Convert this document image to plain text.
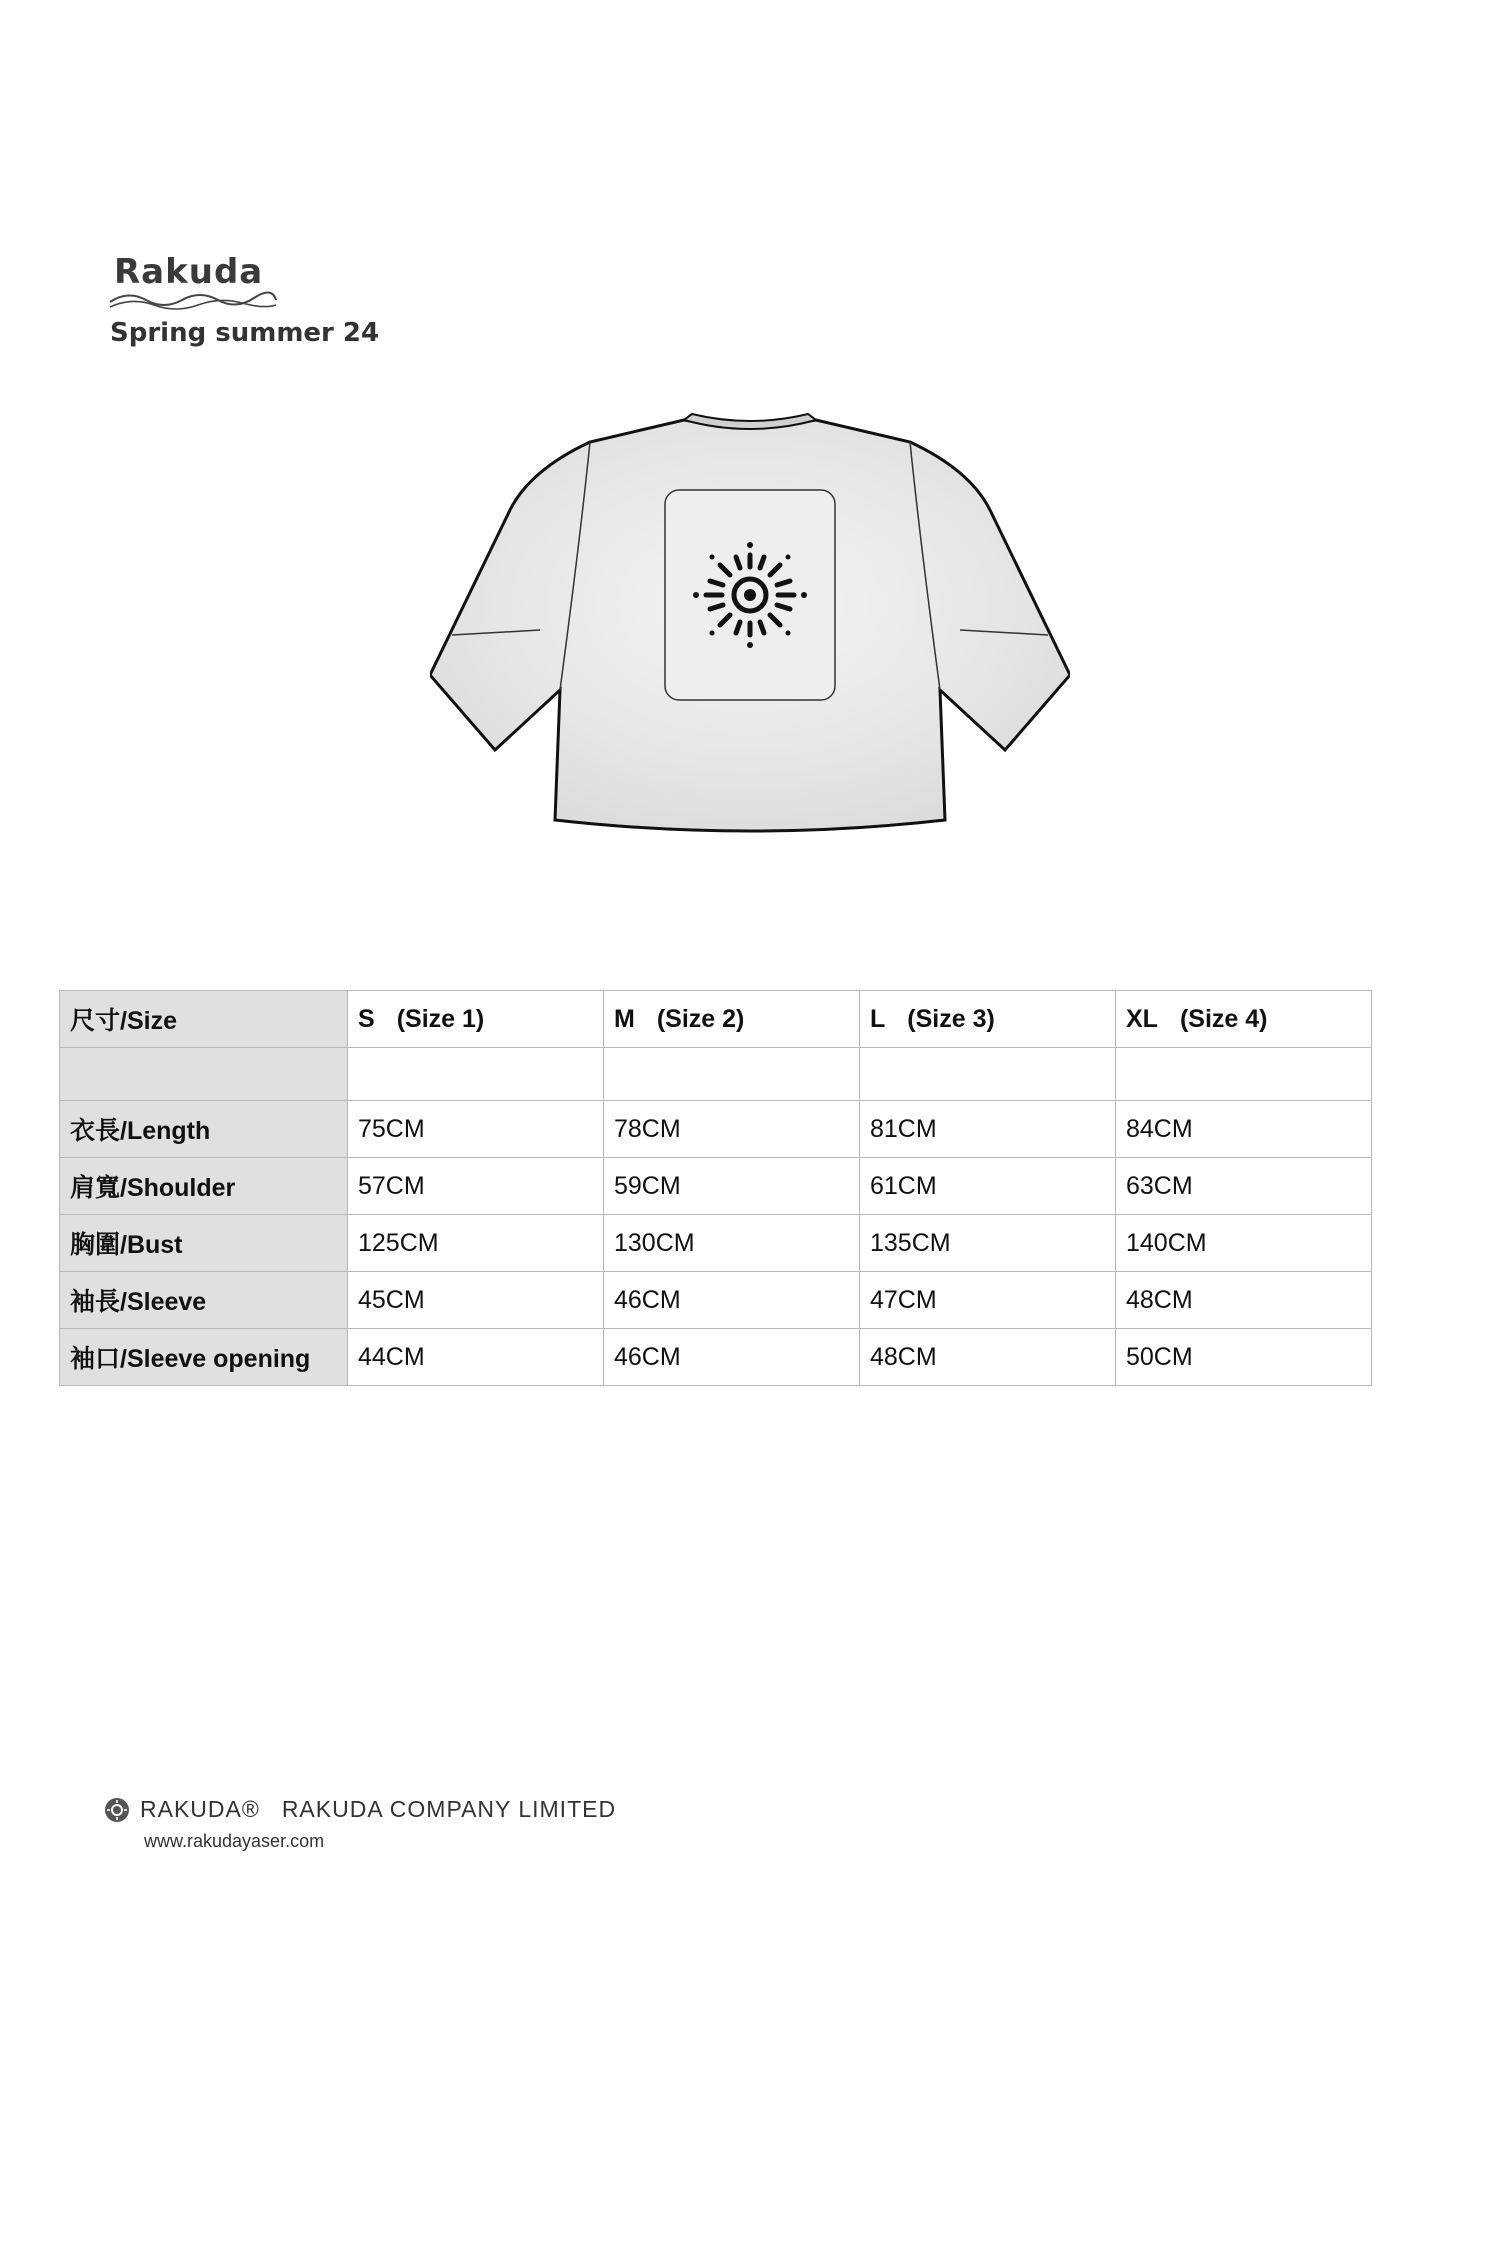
Rakuda
Spring summer 24
尺寸/Size	S (Size 1)	M (Size 2)	L (Size 3)	XL (Size 4)

衣長/Length	75CM	78CM	81CM	84CM
肩寬/Shoulder	57CM	59CM	61CM	63CM
胸圍/Bust	125CM	130CM	135CM	140CM
袖長/Sleeve	45CM	46CM	47CM	48CM
袖口/Sleeve opening	44CM	46CM	48CM	50CM
RAKUDA® RAKUDA COMPANY LIMITED
www.rakudayaser.com
